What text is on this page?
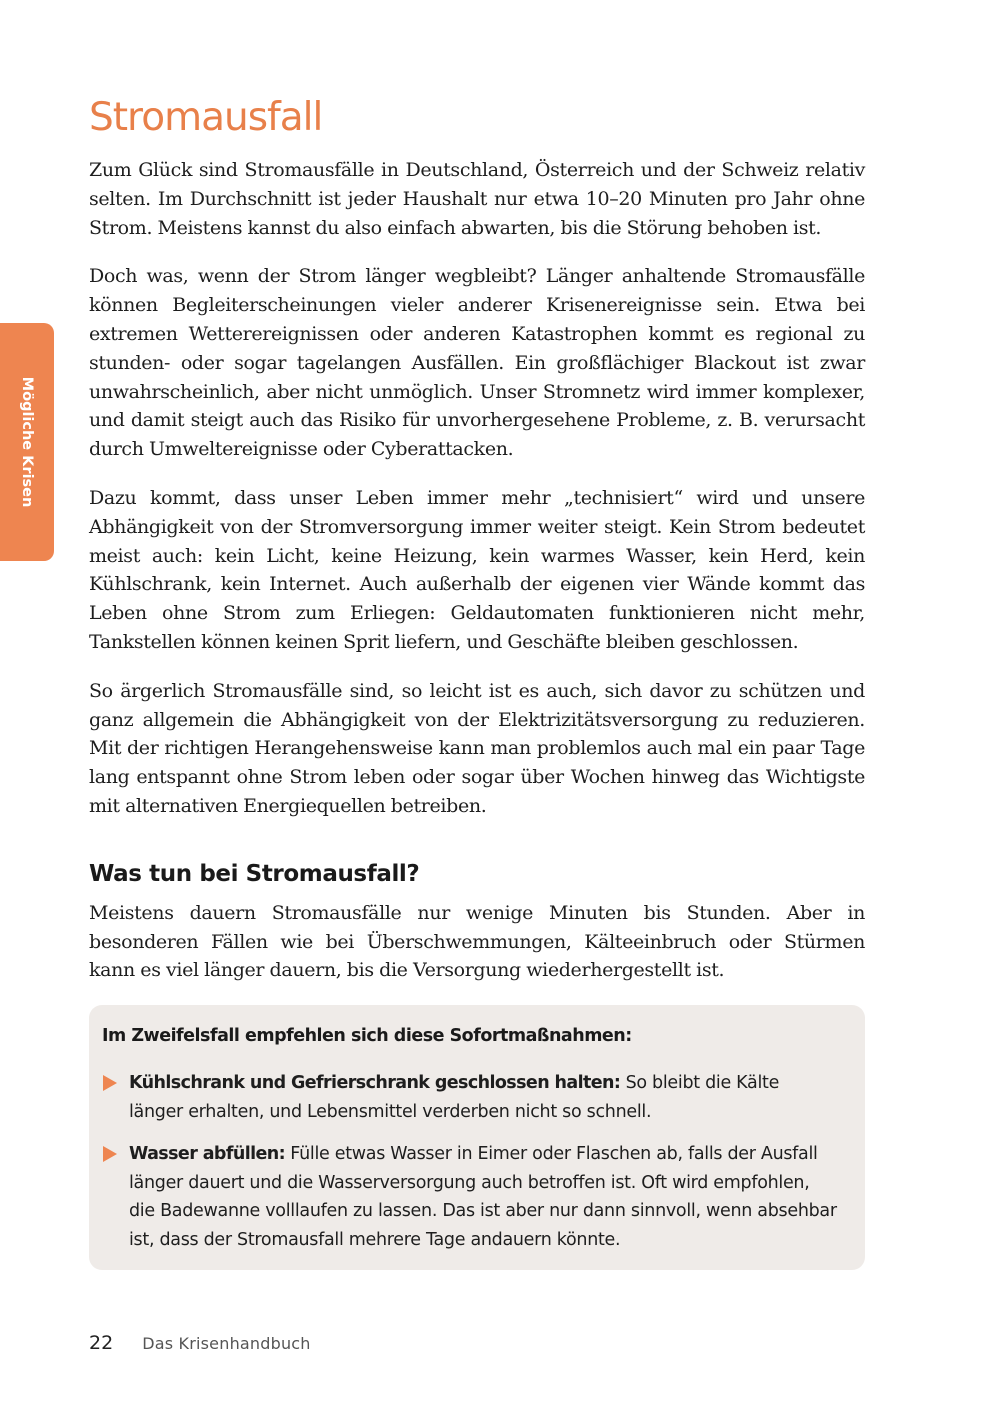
Mögliche Krisen
Stromausfall

Zum Glück sind Stromausfälle in Deutschland, Österreich und der Schweiz relativ selten. Im Durchschnitt ist jeder Haushalt nur etwa 10–20 Minuten pro Jahr ohne Strom. Meistens kannst du also einfach abwarten, bis die Störung behoben ist.

Doch was, wenn der Strom länger wegbleibt? Länger anhaltende Stromausfälle können Begleiterscheinungen vieler anderer Krisenereignisse sein. Etwa bei extremen Wetterereignissen oder anderen Katastrophen kommt es regional zu stunden- oder sogar tagelangen Ausfällen. Ein großflächiger Blackout ist zwar unwahrscheinlich, aber nicht unmöglich. Unser Stromnetz wird immer komplexer, und damit steigt auch das Risiko für unvorhergesehene Probleme, z. B. verursacht durch Umweltereignisse oder Cyberattacken.

Dazu kommt, dass unser Leben immer mehr „technisiert“ wird und unsere Abhängigkeit von der Stromversorgung immer weiter steigt. Kein Strom bedeutet meist auch: kein Licht, keine Heizung, kein warmes Wasser, kein Herd, kein Kühlschrank, kein Internet. Auch außerhalb der eigenen vier Wände kommt das Leben ohne Strom zum Erliegen: Geldautomaten funktionieren nicht mehr, Tankstellen können keinen Sprit liefern, und Geschäfte bleiben geschlossen.

So ärgerlich Stromausfälle sind, so leicht ist es auch, sich davor zu schützen und ganz allgemein die Abhängigkeit von der Elektrizitätsversorgung zu reduzieren. Mit der richtigen Herangehensweise kann man problemlos auch mal ein paar Tage lang entspannt ohne Strom leben oder sogar über Wochen hinweg das Wichtigste mit alternativen Energiequellen betreiben.

Was tun bei Stromausfall?

Meistens dauern Stromausfälle nur wenige Minuten bis Stunden. Aber in besonderen Fällen wie bei Überschwemmungen, Kälteeinbruch oder Stürmen kann es viel länger dauern, bis die Versorgung wiederhergestellt ist.

Im Zweifelsfall empfehlen sich diese Sofortmaßnahmen:
Kühlschrank und Gefrierschrank geschlossen halten: So bleibt die Kälte länger erhalten, und Lebensmittel verderben nicht so schnell.
Wasser abfüllen: Fülle etwas Wasser in Eimer oder Flaschen ab, falls der Ausfall länger dauert und die Wasserversorgung auch betroffen ist. Oft wird empfohlen, die Badewanne volllaufen zu lassen. Das ist aber nur dann sinnvoll, wenn absehbar ist, dass der Stromausfall mehrere Tage andauern könnte.
22 Das Krisenhandbuch
